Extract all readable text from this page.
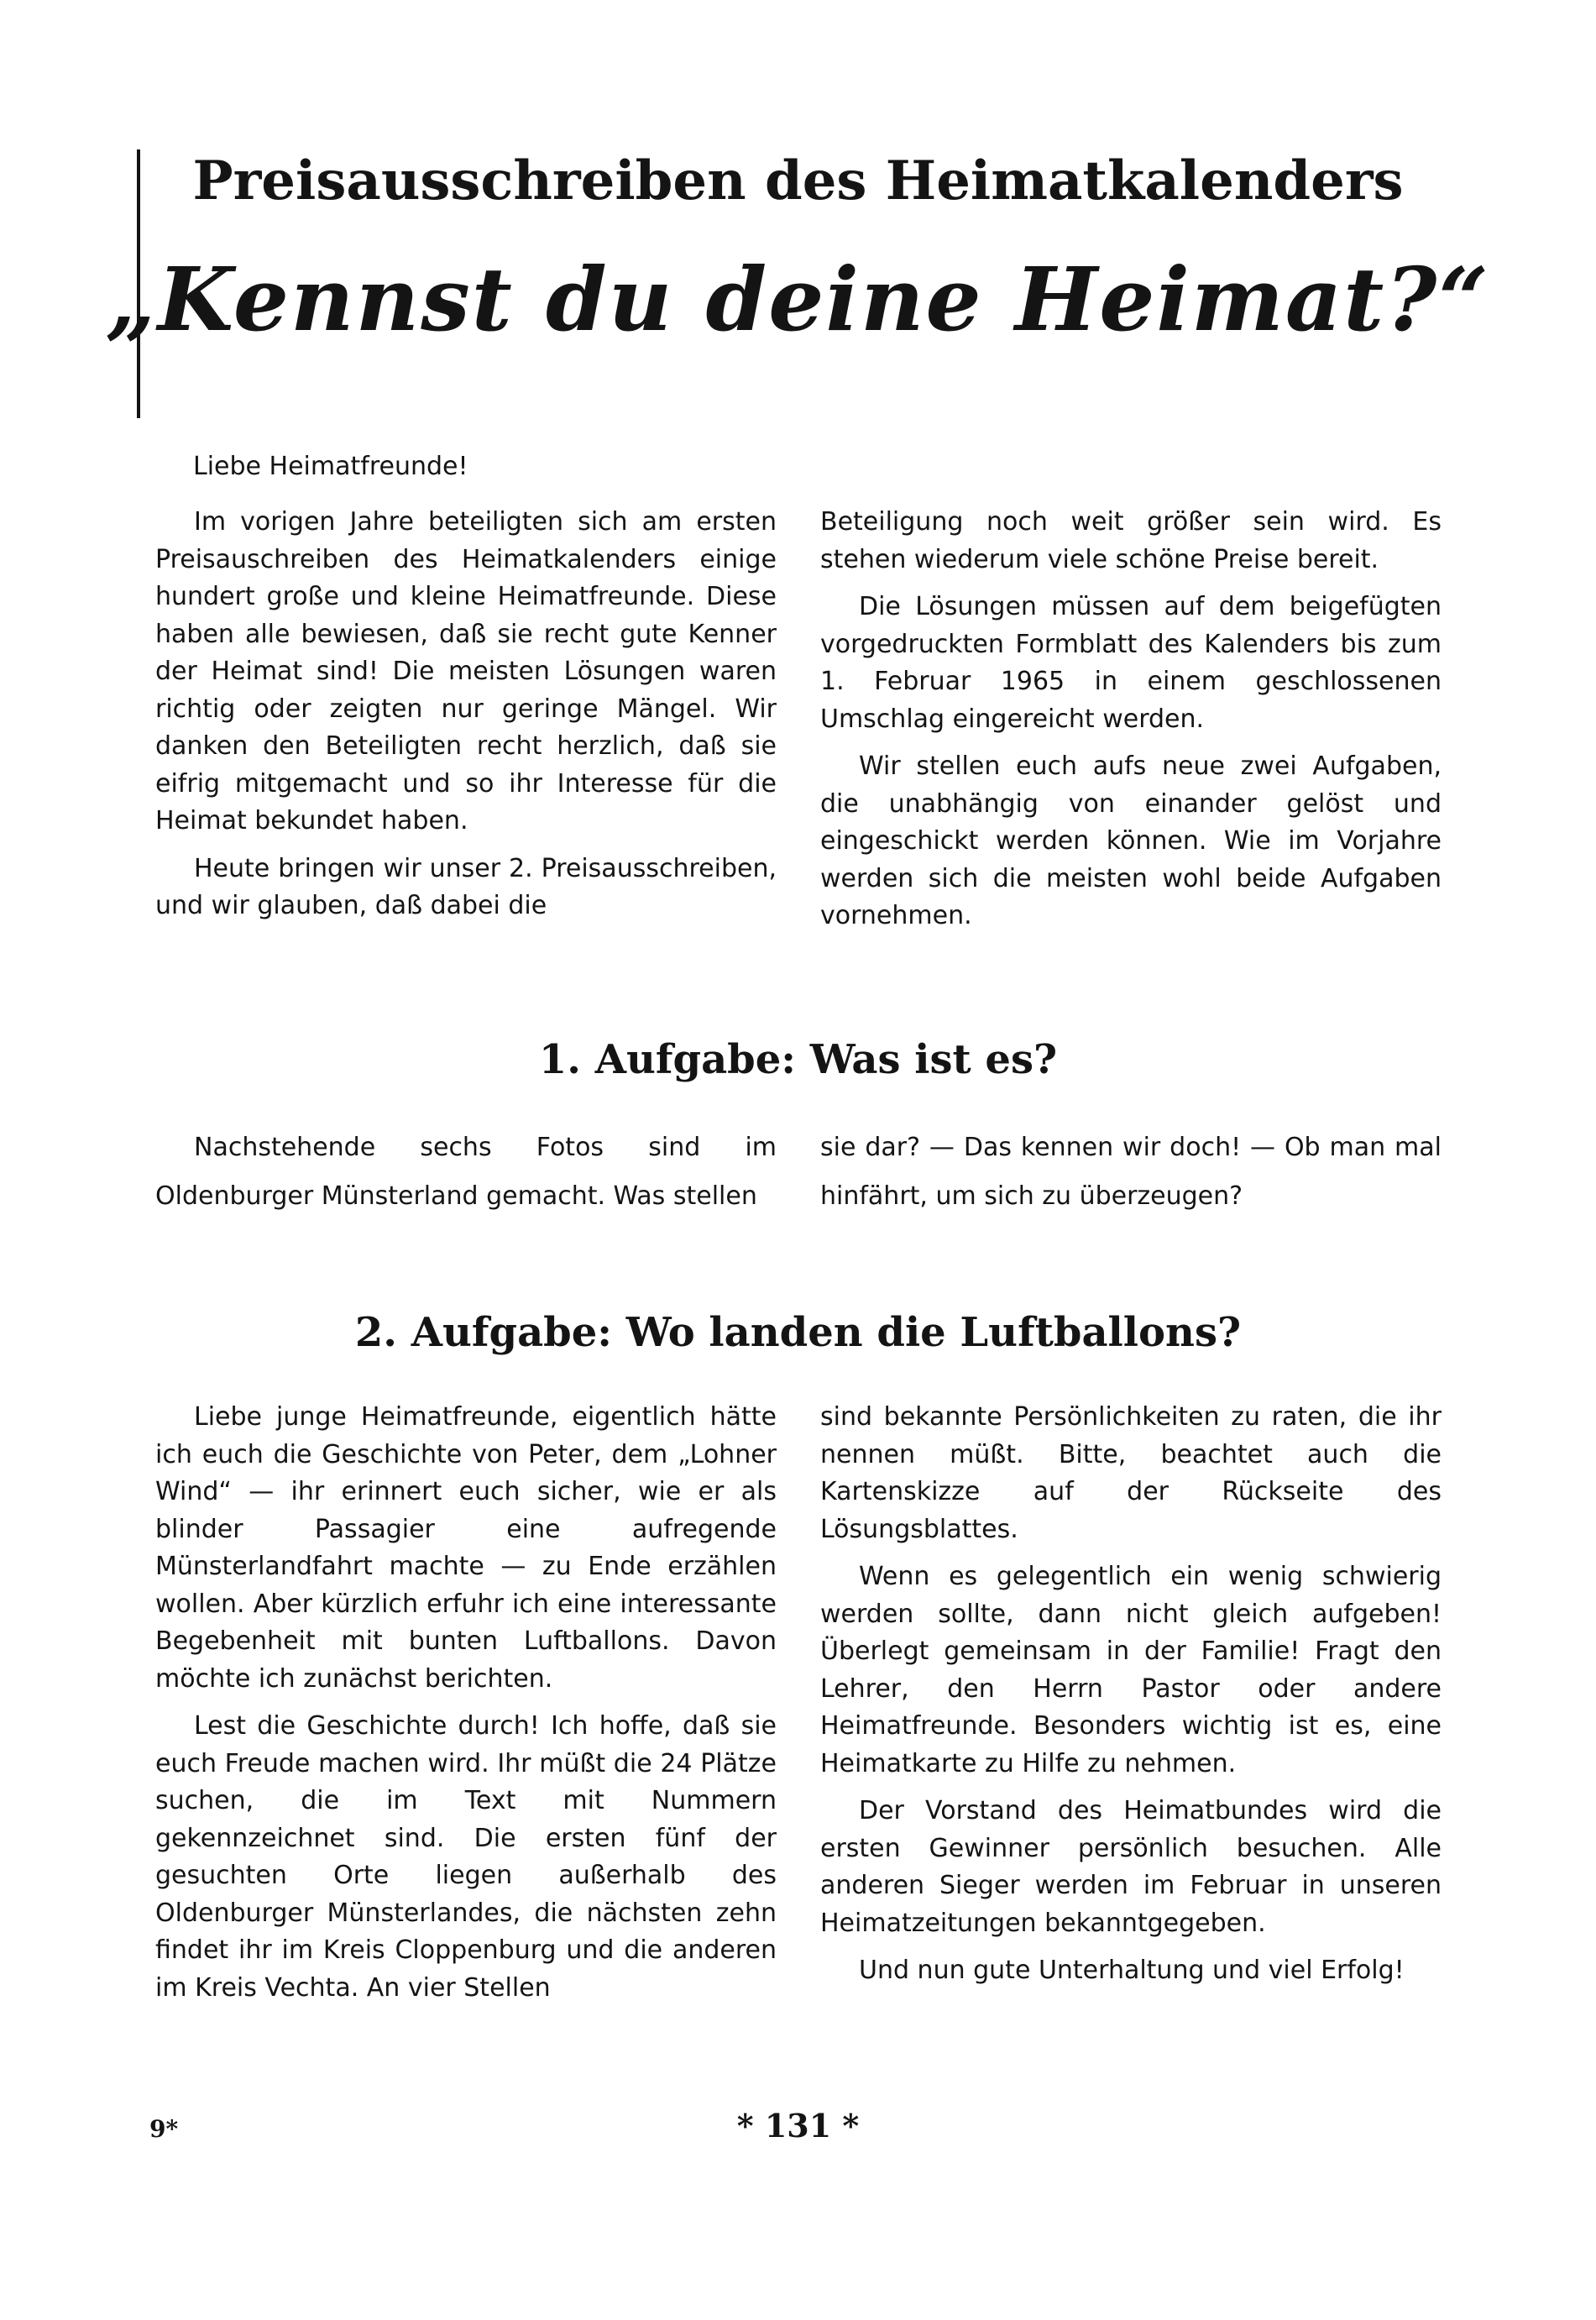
Preisausschreiben des Heimatkalenders
„Kennst du deine Heimat?“

Liebe Heimatfreunde!

Im vorigen Jahre beteiligten sich am ersten Preisauschreiben des Heimatkalenders einige hundert große und kleine Heimatfreunde. Diese haben alle bewiesen, daß sie recht gute Kenner der Heimat sind! Die meisten Lösungen waren richtig oder zeigten nur geringe Mängel. Wir danken den Beteiligten recht herzlich, daß sie eifrig mitgemacht und so ihr Interesse für die Heimat bekundet haben.

Heute bringen wir unser 2. Preisausschreiben, und wir glauben, daß dabei die

Beteiligung noch weit größer sein wird. Es stehen wiederum viele schöne Preise bereit.

Die Lösungen müssen auf dem beigefügten vorgedruckten Formblatt des Kalenders bis zum 1. Februar 1965 in einem geschlossenen Umschlag eingereicht werden.

Wir stellen euch aufs neue zwei Aufgaben, die unabhängig von einander gelöst und eingeschickt werden können. Wie im Vorjahre werden sich die meisten wohl beide Aufgaben vornehmen.

1. Aufgabe: Was ist es?

Nachstehende sechs Fotos sind im Oldenburger Münsterland gemacht. Was stellen

sie dar? — Das kennen wir doch! — Ob man mal hinfährt, um sich zu überzeugen?

2. Aufgabe: Wo landen die Luftballons?

Liebe junge Heimatfreunde, eigentlich hätte ich euch die Geschichte von Peter, dem „Lohner Wind“ — ihr erinnert euch sicher, wie er als blinder Passagier eine aufregende Münsterlandfahrt machte — zu Ende erzählen wollen. Aber kürzlich erfuhr ich eine interessante Begebenheit mit bunten Luftballons. Davon möchte ich zunächst berichten.

Lest die Geschichte durch! Ich hoffe, daß sie euch Freude machen wird. Ihr müßt die 24 Plätze suchen, die im Text mit Nummern gekennzeichnet sind. Die ersten fünf der gesuchten Orte liegen außerhalb des Oldenburger Münsterlandes, die nächsten zehn findet ihr im Kreis Cloppenburg und die anderen im Kreis Vechta. An vier Stellen

sind bekannte Persönlichkeiten zu raten, die ihr nennen müßt. Bitte, beachtet auch die Kartenskizze auf der Rückseite des Lösungsblattes.

Wenn es gelegentlich ein wenig schwierig werden sollte, dann nicht gleich aufgeben! Überlegt gemeinsam in der Familie! Fragt den Lehrer, den Herrn Pastor oder andere Heimatfreunde. Besonders wichtig ist es, eine Heimatkarte zu Hilfe zu nehmen.

Der Vorstand des Heimatbundes wird die ersten Gewinner persönlich besuchen. Alle anderen Sieger werden im Februar in unseren Heimatzeitungen bekanntgegeben.

Und nun gute Unterhaltung und viel Erfolg!

9*	* 131 *
